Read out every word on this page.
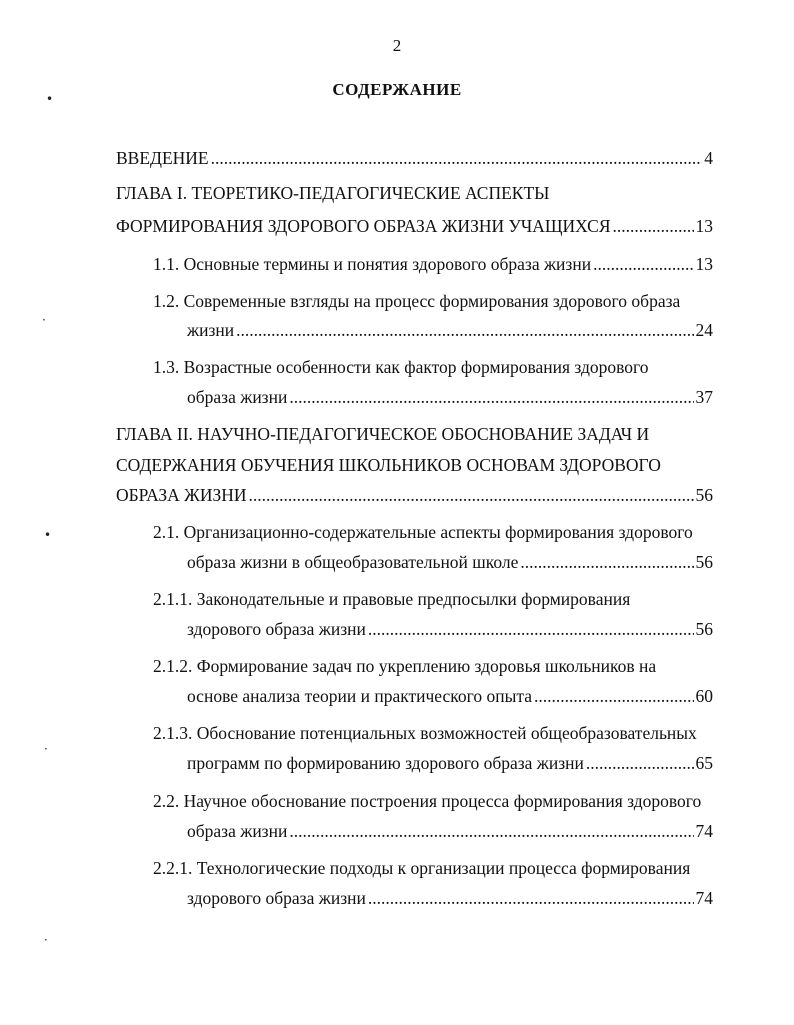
2
СОДЕРЖАНИЕ
•
·
•
·
·
ВВЕДЕНИЕ .....	4
ГЛАВА I. ТЕОРЕТИКО-ПЕДАГОГИЧЕСКИЕ АСПЕКТЫ
ФОРМИРОВАНИЯ ЗДОРОВОГО ОБРАЗА ЖИЗНИ УЧАЩИХСЯ .....	13
1.1. Основные термины и понятия здорового образа жизни .....	13
1.2. Современные взгляды на процесс формирования здорового образа
жизни .....	24
1.3. Возрастные особенности как фактор формирования здорового
образа жизни .....	37
ГЛАВА II. НАУЧНО-ПЕДАГОГИЧЕСКОЕ ОБОСНОВАНИЕ ЗАДАЧ И
СОДЕРЖАНИЯ ОБУЧЕНИЯ ШКОЛЬНИКОВ ОСНОВАМ ЗДОРОВОГО
ОБРАЗА ЖИЗНИ .....	56
2.1. Организационно-содержательные аспекты формирования здорового
образа жизни в общеобразовательной школе .....	56
2.1.1. Законодательные и правовые предпосылки формирования
здорового образа жизни .....	56
2.1.2. Формирование задач по укреплению здоровья школьников на
основе анализа теории и практического опыта .....	60
2.1.3. Обоснование потенциальных возможностей общеобразовательных
программ по формированию здорового образа жизни .....	65
2.2. Научное обоснование построения процесса формирования здорового
образа жизни .....	74
2.2.1. Технологические подходы к организации процесса формирования
здорового образа жизни .....	74
